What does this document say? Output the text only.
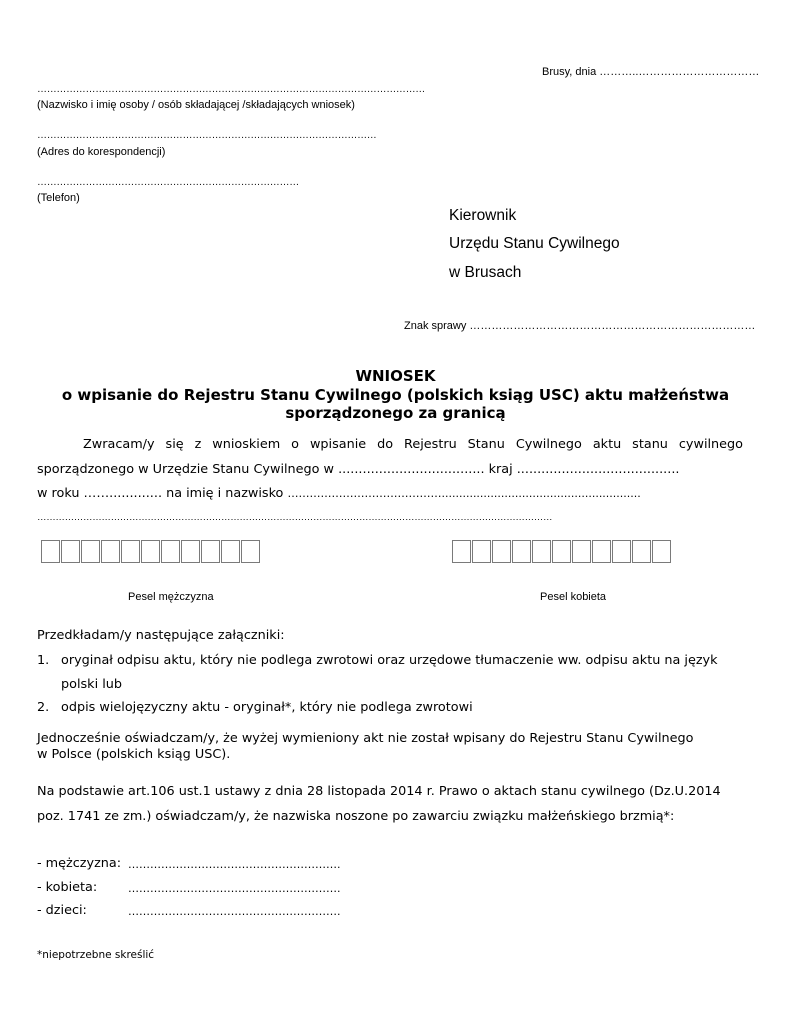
Brusy, dnia ………..……………………………
…………………………………………………………………………………………………………
(Nazwisko i imię osoby / osób składającej /składających wniosek)
……………………………………………………………………………………………
(Adres do korespondencji)
………………………………………………………………………
(Telefon)
Kierownik
Urzędu Stanu Cywilnego
w Brusach
Znak sprawy ……………………………………………………………………
WNIOSEK
o wpisanie do Rejestru Stanu Cywilnego (polskich ksiąg USC) aktu małżeństwa
sporządzonego za granicą
Zwracam/y się z wnioskiem o wpisanie do Rejestru Stanu Cywilnego aktu stanu cywilnego
sporządzonego w Urzędzie Stanu Cywilnego w .................................... kraj ........................................
w roku ……............. na imię i nazwisko …………………………………….........................................................
……………………………………………………………………………………………………………………………………………………
Pesel mężczyzna	Pesel kobieta
Przedkładam/y następujące załączniki:
1. oryginał odpisu aktu, który nie podlega zwrotowi oraz urzędowe tłumaczenie ww. odpisu aktu na język
polski lub
2. odpis wielojęzyczny aktu - oryginał*, który nie podlega zwrotowi
Jednocześnie oświadczam/y, że wyżej wymieniony akt nie został wpisany do Rejestru Stanu Cywilnego
w Polsce (polskich ksiąg USC).
Na podstawie art.106 ust.1 ustawy z dnia 28 listopada 2014 r. Prawo o aktach stanu cywilnego (Dz.U.2014
poz. 1741 ze zm.) oświadczam/y, że nazwiska noszone po zawarciu związku małżeńskiego brzmią*:
- mężczyzna: ………………………………………………….
- kobieta:	………………………………………………….
- dzieci:	………………………………………………….
*niepotrzebne skreślić
